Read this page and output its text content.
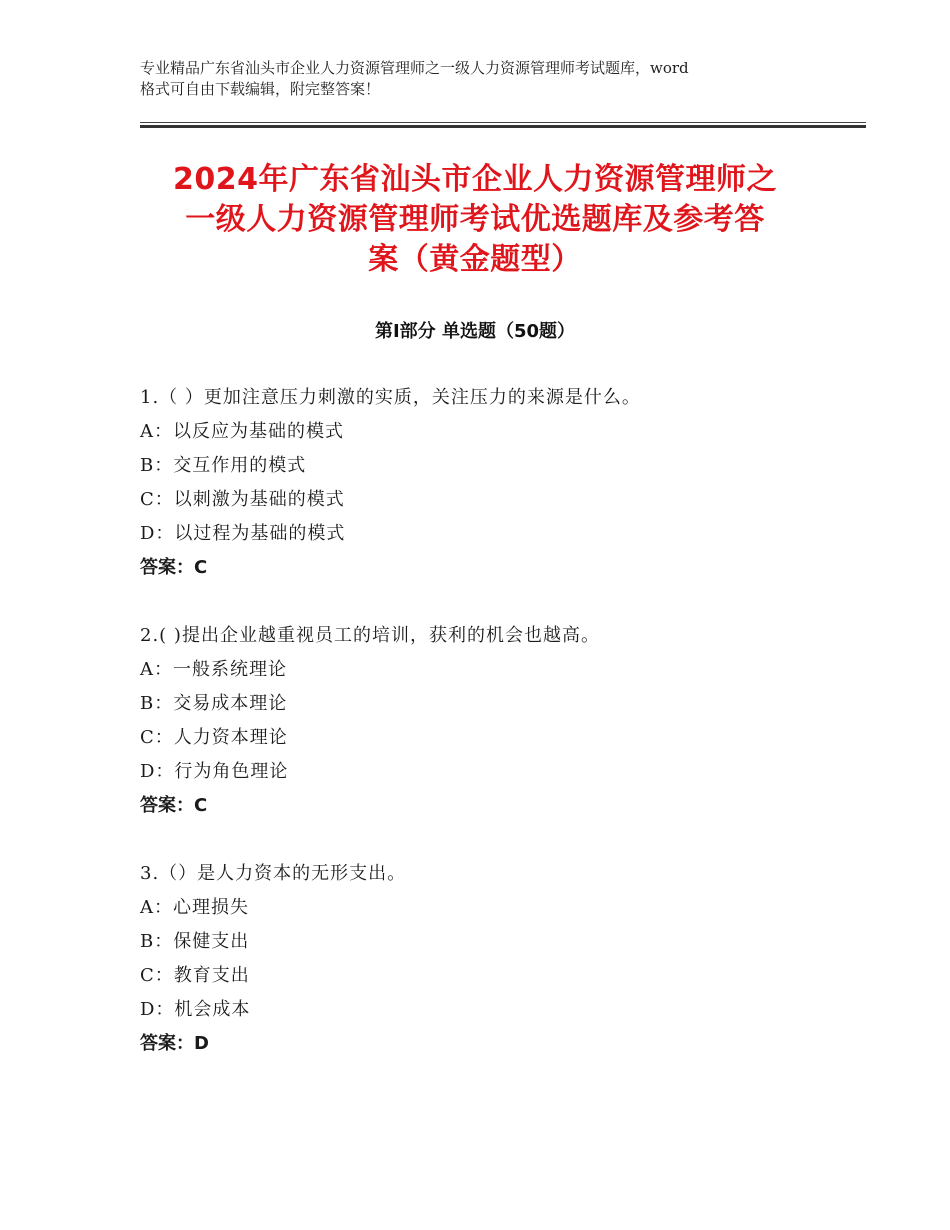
专业精品广东省汕头市企业人力资源管理师之一级人力资源管理师考试题库，word
格式可自由下载编辑，附完整答案！
2024年广东省汕头市企业人力资源管理师之
一级人力资源管理师考试优选题库及参考答
案（黄金题型）
第Ⅰ部分 单选题（50题）
1.（ ）更加注意压力刺激的实质，关注压力的来源是什么。
A：以反应为基础的模式
B：交互作用的模式
C：以刺激为基础的模式
D：以过程为基础的模式
答案：C
2.( )提出企业越重视员工的培训，获利的机会也越高。
A：一般系统理论
B：交易成本理论
C：人力资本理论
D：行为角色理论
答案：C
3.（）是人力资本的无形支出。
A：心理损失
B：保健支出
C：教育支出
D：机会成本
答案：D
